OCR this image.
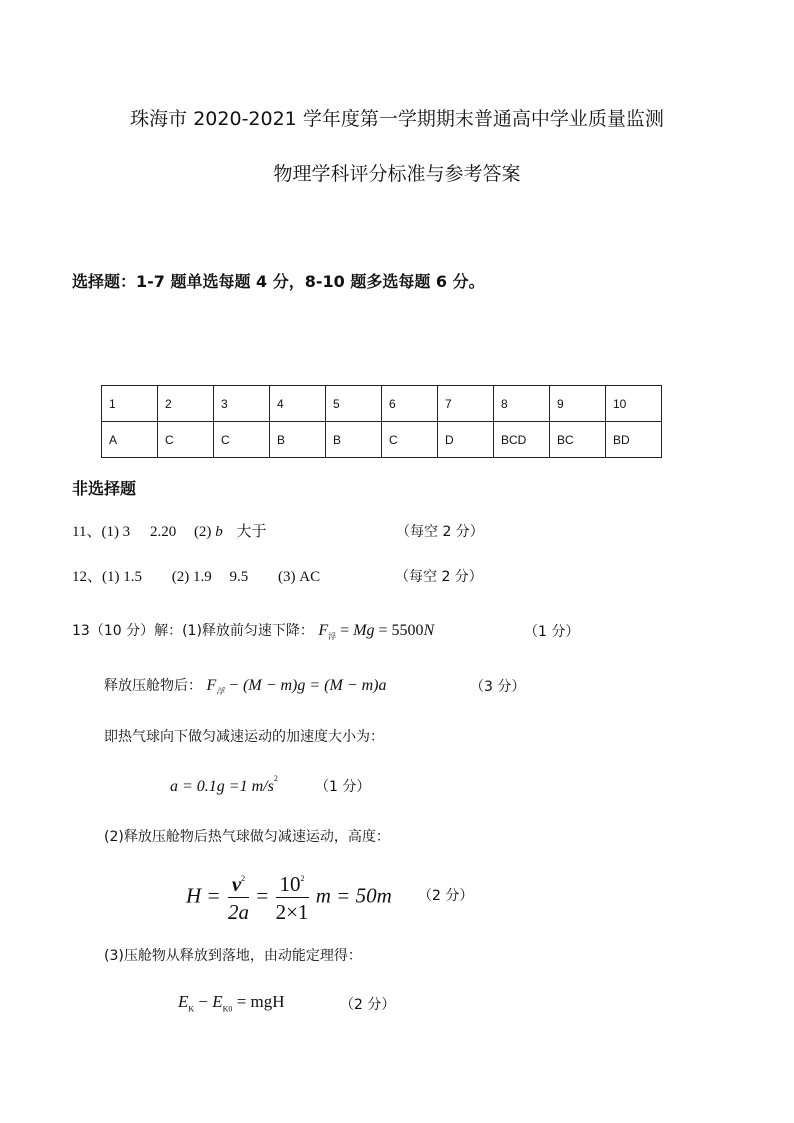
珠海市 2020-2021 学年度第一学期期末普通高中学业质量监测
物理学科评分标准与参考答案
选择题：1-7 题单选每题 4 分，8-10 题多选每题 6 分。
1	2	3	4	5	6	7	8	9	10
A	C	C	B	B	C	D	BCD	BC	BD
非选择题
11、(1) 3 2.20 (2) b 大于	（每空 2 分）
12、(1) 1.5 (2) 1.9 9.5 (3) AC	（每空 2 分）
13（10 分）解：(1)释放前匀速下降： $F_浮 = Mg = 5500N$	（1 分）
释放压舱物后： $F_浮 - (M - m)g = (M - m)a$	（3 分）
即热气球向下做匀减速运动的加速度大小为：
a = 0.1g =1 $m/s^2$
（1 分）
(2)释放压舱物后热气球做匀减速运动，高度：
$H = \frac{v^2}{2a} = \frac{10^2}{2\times 1}$ m = 50m （2 分）
(3)压舱物从释放到落地，由动能定理得：
$E_K - E_{K0}$ = mgH	（2 分）
